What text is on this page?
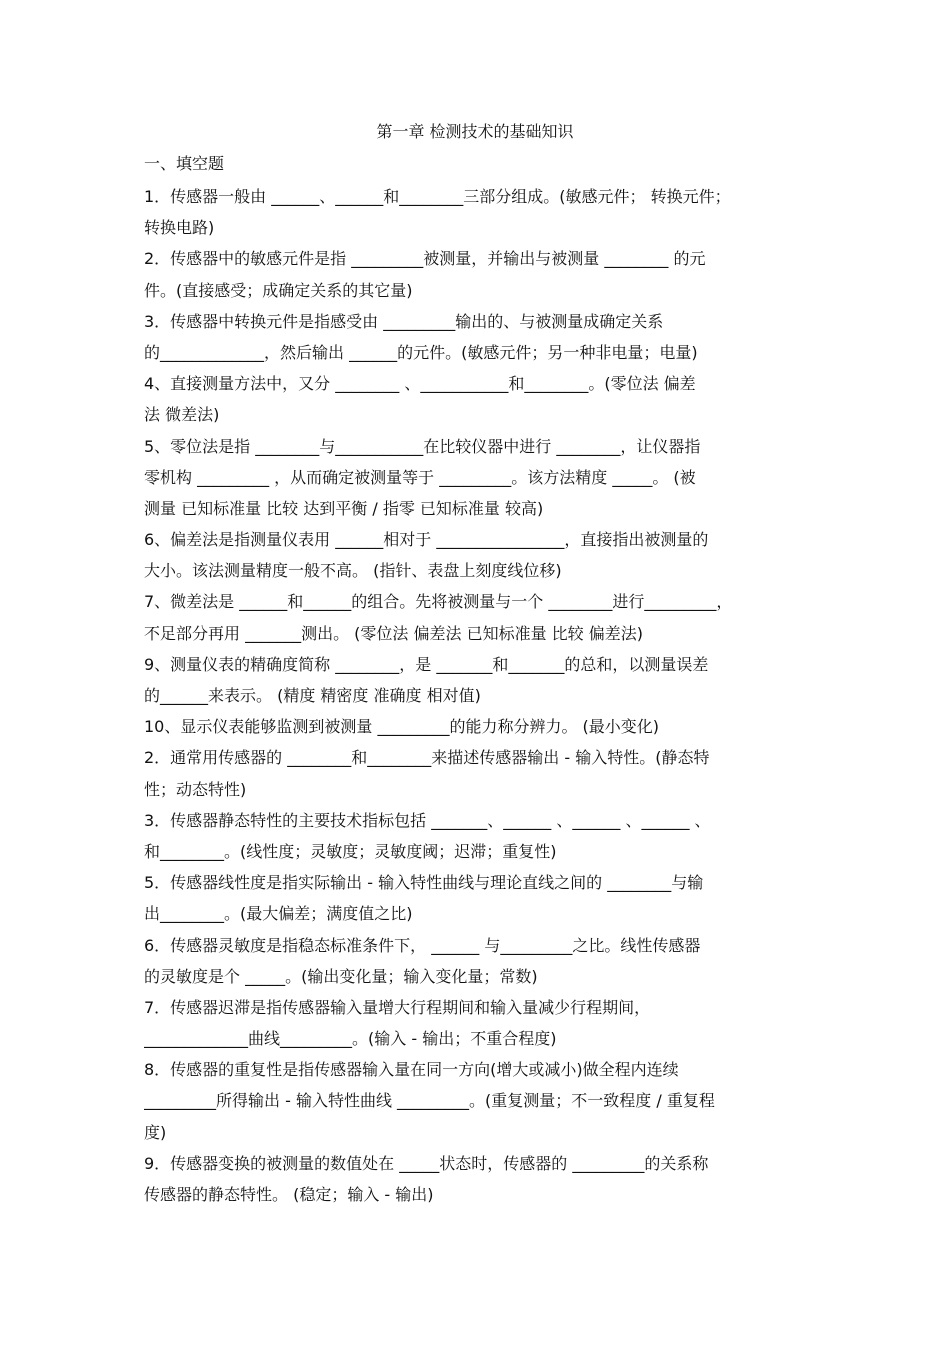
第一章 检测技术的基础知识
一、填空题
1．传感器一般由 ______、______和________三部分组成。(敏感元件； 转换元件；
转换电路)
2．传感器中的敏感元件是指 _________被测量，并输出与被测量 ________ 的元
件。(直接感受；成确定关系的其它量)
3．传感器中转换元件是指感受由 _________输出的、与被测量成确定关系
的_____________，然后输出 ______的元件。(敏感元件；另一种非电量；电量)
4、直接测量方法中，又分 ________ 、___________和________。(零位法 偏差
法 微差法)
5、零位法是指 ________与___________在比较仪器中进行 ________，让仪器指
零机构 _________ ，从而确定被测量等于 _________。该方法精度 _____。 (被
测量 已知标准量 比较 达到平衡 / 指零 已知标准量 较高)
6、偏差法是指测量仪表用 ______相对于 ________________，直接指出被测量的
大小。该法测量精度一般不高。 (指针、表盘上刻度线位移)
7、微差法是 ______和______的组合。先将被测量与一个 ________进行_________，
不足部分再用 _______测出。 (零位法 偏差法 已知标准量 比较 偏差法)
9、测量仪表的精确度简称 ________，是 _______和_______的总和，以测量误差
的______来表示。 (精度 精密度 准确度 相对值)
10、显示仪表能够监测到被测量 _________的能力称分辨力。 (最小变化)
2．通常用传感器的 ________和________来描述传感器输出 - 输入特性。(静态特
性；动态特性)
3．传感器静态特性的主要技术指标包括 _______、______ 、______ 、______ 、
和________。(线性度；灵敏度；灵敏度阈；迟滞；重复性)
5．传感器线性度是指实际输出 - 输入特性曲线与理论直线之间的 ________与输
出________。(最大偏差；满度值之比)
6．传感器灵敏度是指稳态标准条件下， ______ 与_________之比。线性传感器
的灵敏度是个 _____。(输出变化量；输入变化量；常数)
7．传感器迟滞是指传感器输入量增大行程期间和输入量减少行程期间，
_____________曲线_________。(输入 - 输出；不重合程度)
8．传感器的重复性是指传感器输入量在同一方向(增大或减小)做全程内连续
_________所得输出 - 输入特性曲线 _________。(重复测量；不一致程度 / 重复程
度)
9．传感器变换的被测量的数值处在 _____状态时，传感器的 _________的关系称
传感器的静态特性。 (稳定；输入 - 输出)
